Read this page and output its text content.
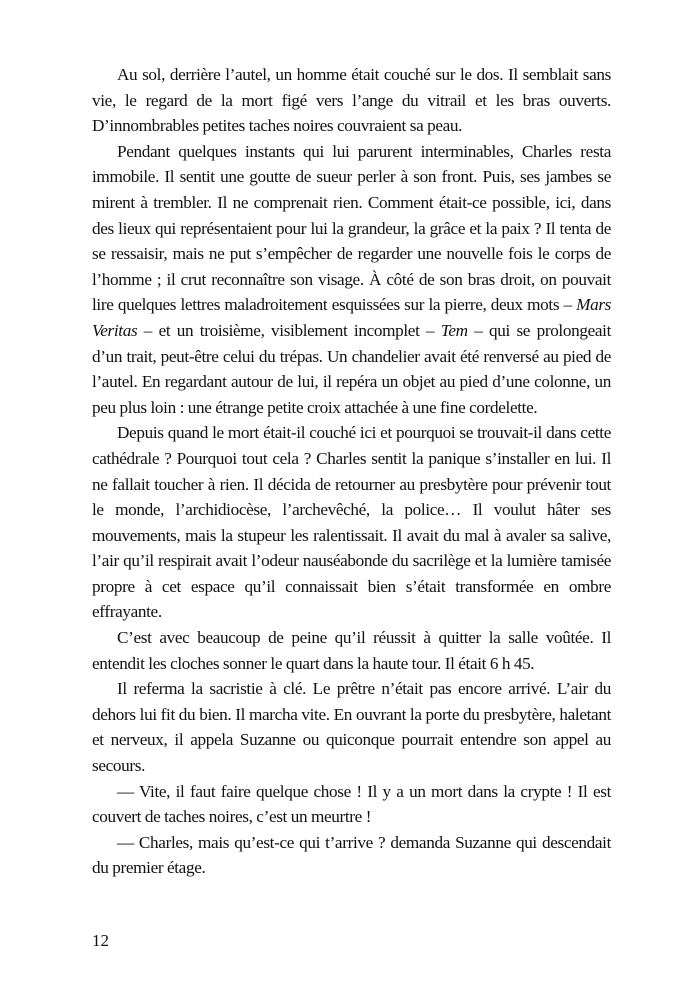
Au sol, derrière l’autel, un homme était couché sur le dos. Il semblait sans vie, le regard de la mort figé vers l’ange du vitrail et les bras ouverts. D’innombrables petites taches noires couvraient sa peau.

Pendant quelques instants qui lui parurent interminables, Charles resta immobile. Il sentit une goutte de sueur perler à son front. Puis, ses jambes se mirent à trembler. Il ne comprenait rien. Comment était-ce possible, ici, dans des lieux qui représentaient pour lui la grandeur, la grâce et la paix ? Il tenta de se ressaisir, mais ne put s’empêcher de regarder une nouvelle fois le corps de l’homme ; il crut reconnaître son visage. À côté de son bras droit, on pouvait lire quelques lettres maladroitement esquissées sur la pierre, deux mots – Mars Veritas – et un troisième, visiblement incomplet – Tem – qui se prolongeait d’un trait, peut-être celui du trépas. Un chandelier avait été renversé au pied de l’autel. En regardant autour de lui, il repéra un objet au pied d’une colonne, un peu plus loin : une étrange petite croix attachée à une fine cordelette.

Depuis quand le mort était-il couché ici et pourquoi se trouvait-il dans cette cathédrale ? Pourquoi tout cela ? Charles sentit la panique s’installer en lui. Il ne fallait toucher à rien. Il décida de retourner au presbytère pour prévenir tout le monde, l’archidiocèse, l’archevêché, la police… Il voulut hâter ses mouvements, mais la stupeur les ralentissait. Il avait du mal à avaler sa salive, l’air qu’il respirait avait l’odeur nauséabonde du sacrilège et la lumière tamisée propre à cet espace qu’il connaissait bien s’était transformée en ombre effrayante.

C’est avec beaucoup de peine qu’il réussit à quitter la salle voûtée. Il entendit les cloches sonner le quart dans la haute tour. Il était 6 h 45.

Il referma la sacristie à clé. Le prêtre n’était pas encore arrivé. L’air du dehors lui fit du bien. Il marcha vite. En ouvrant la porte du presbytère, haletant et nerveux, il appela Suzanne ou quiconque pourrait entendre son appel au secours.

— Vite, il faut faire quelque chose ! Il y a un mort dans la crypte ! Il est couvert de taches noires, c’est un meurtre !

— Charles, mais qu’est-ce qui t’arrive ? demanda Suzanne qui descendait du premier étage.

12
